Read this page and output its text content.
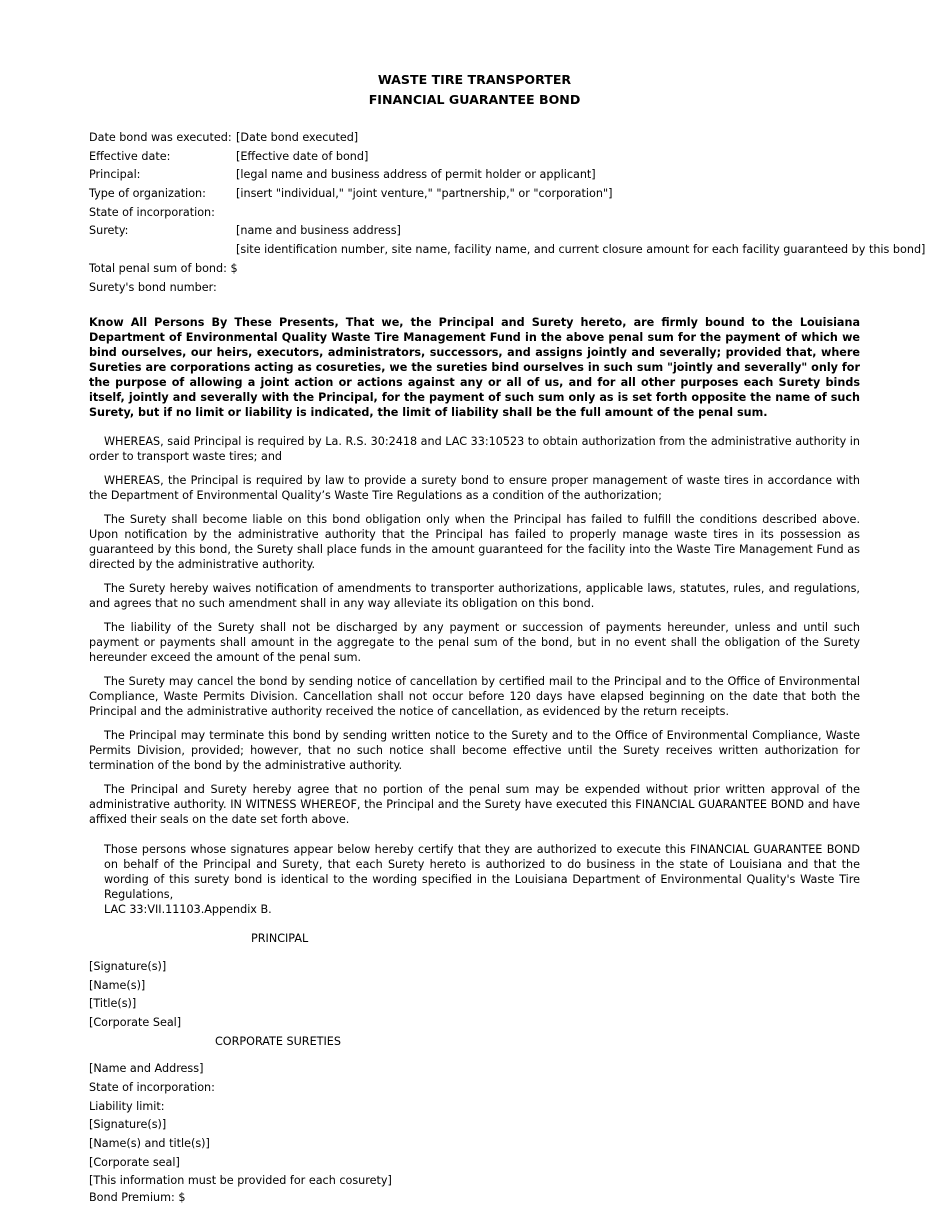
WASTE TIRE TRANSPORTER
FINANCIAL GUARANTEE BOND
Date bond was executed: [Date bond executed]
Effective date:	[Effective date of bond]
Principal:	[legal name and business address of permit holder or applicant]
Type of organization:	[insert "individual," "joint venture," "partnership," or "corporation"]
State of incorporation:
Surety:	[name and business address]
[site identification number, site name, facility name, and current closure amount for each facility guaranteed by this bond]
Total penal sum of bond: $
Surety's bond number:

Know All Persons By These Presents, That we, the Principal and Surety hereto, are firmly bound to the Louisiana Department of Environmental Quality Waste Tire Management Fund in the above penal sum for the payment of which we bind ourselves, our heirs, executors, administrators, successors, and assigns jointly and severally; provided that, where Sureties are corporations acting as cosureties, we the sureties bind ourselves in such sum "jointly and severally" only for the purpose of allowing a joint action or actions against any or all of us, and for all other purposes each Surety binds itself, jointly and severally with the Principal, for the payment of such sum only as is set forth opposite the name of such Surety, but if no limit or liability is indicated, the limit of liability shall be the full amount of the penal sum.

WHEREAS, said Principal is required by La. R.S. 30:2418 and LAC 33:10523 to obtain authorization from the administrative authority in order to transport waste tires; and

WHEREAS, the Principal is required by law to provide a surety bond to ensure proper management of waste tires in accordance with the Department of Environmental Quality’s Waste Tire Regulations as a condition of the authorization;

The Surety shall become liable on this bond obligation only when the Principal has failed to fulfill the conditions described above. Upon notification by the administrative authority that the Principal has failed to properly manage waste tires in its possession as guaranteed by this bond, the Surety shall place funds in the amount guaranteed for the facility into the Waste Tire Management Fund as directed by the administrative authority.

The Surety hereby waives notification of amendments to transporter authorizations, applicable laws, statutes, rules, and regulations, and agrees that no such amendment shall in any way alleviate its obligation on this bond.

The liability of the Surety shall not be discharged by any payment or succession of payments hereunder, unless and until such payment or payments shall amount in the aggregate to the penal sum of the bond, but in no event shall the obligation of the Surety hereunder exceed the amount of the penal sum.

The Surety may cancel the bond by sending notice of cancellation by certified mail to the Principal and to the Office of Environmental Compliance, Waste Permits Division. Cancellation shall not occur before 120 days have elapsed beginning on the date that both the Principal and the administrative authority received the notice of cancellation, as evidenced by the return receipts.

The Principal may terminate this bond by sending written notice to the Surety and to the Office of Environmental Compliance, Waste Permits Division, provided; however, that no such notice shall become effective until the Surety receives written authorization for termination of the bond by the administrative authority.

The Principal and Surety hereby agree that no portion of the penal sum may be expended without prior written approval of the administrative authority. IN WITNESS WHEREOF, the Principal and the Surety have executed this FINANCIAL GUARANTEE BOND and have affixed their seals on the date set forth above.

Those persons whose signatures appear below hereby certify that they are authorized to execute this FINANCIAL GUARANTEE BOND on behalf of the Principal and Surety, that each Surety hereto is authorized to do business in the state of Louisiana and that the wording of this surety bond is identical to the wording specified in the Louisiana Department of Environmental Quality's Waste Tire Regulations,

LAC 33:VII.11103.Appendix B.

PRINCIPAL
[Signature(s)]
[Name(s)]
[Title(s)]
[Corporate Seal]
CORPORATE SURETIES
[Name and Address]
State of incorporation:
Liability limit:
[Signature(s)]
[Name(s) and title(s)]
[Corporate seal]
[This information must be provided for each cosurety]
Bond Premium: $
